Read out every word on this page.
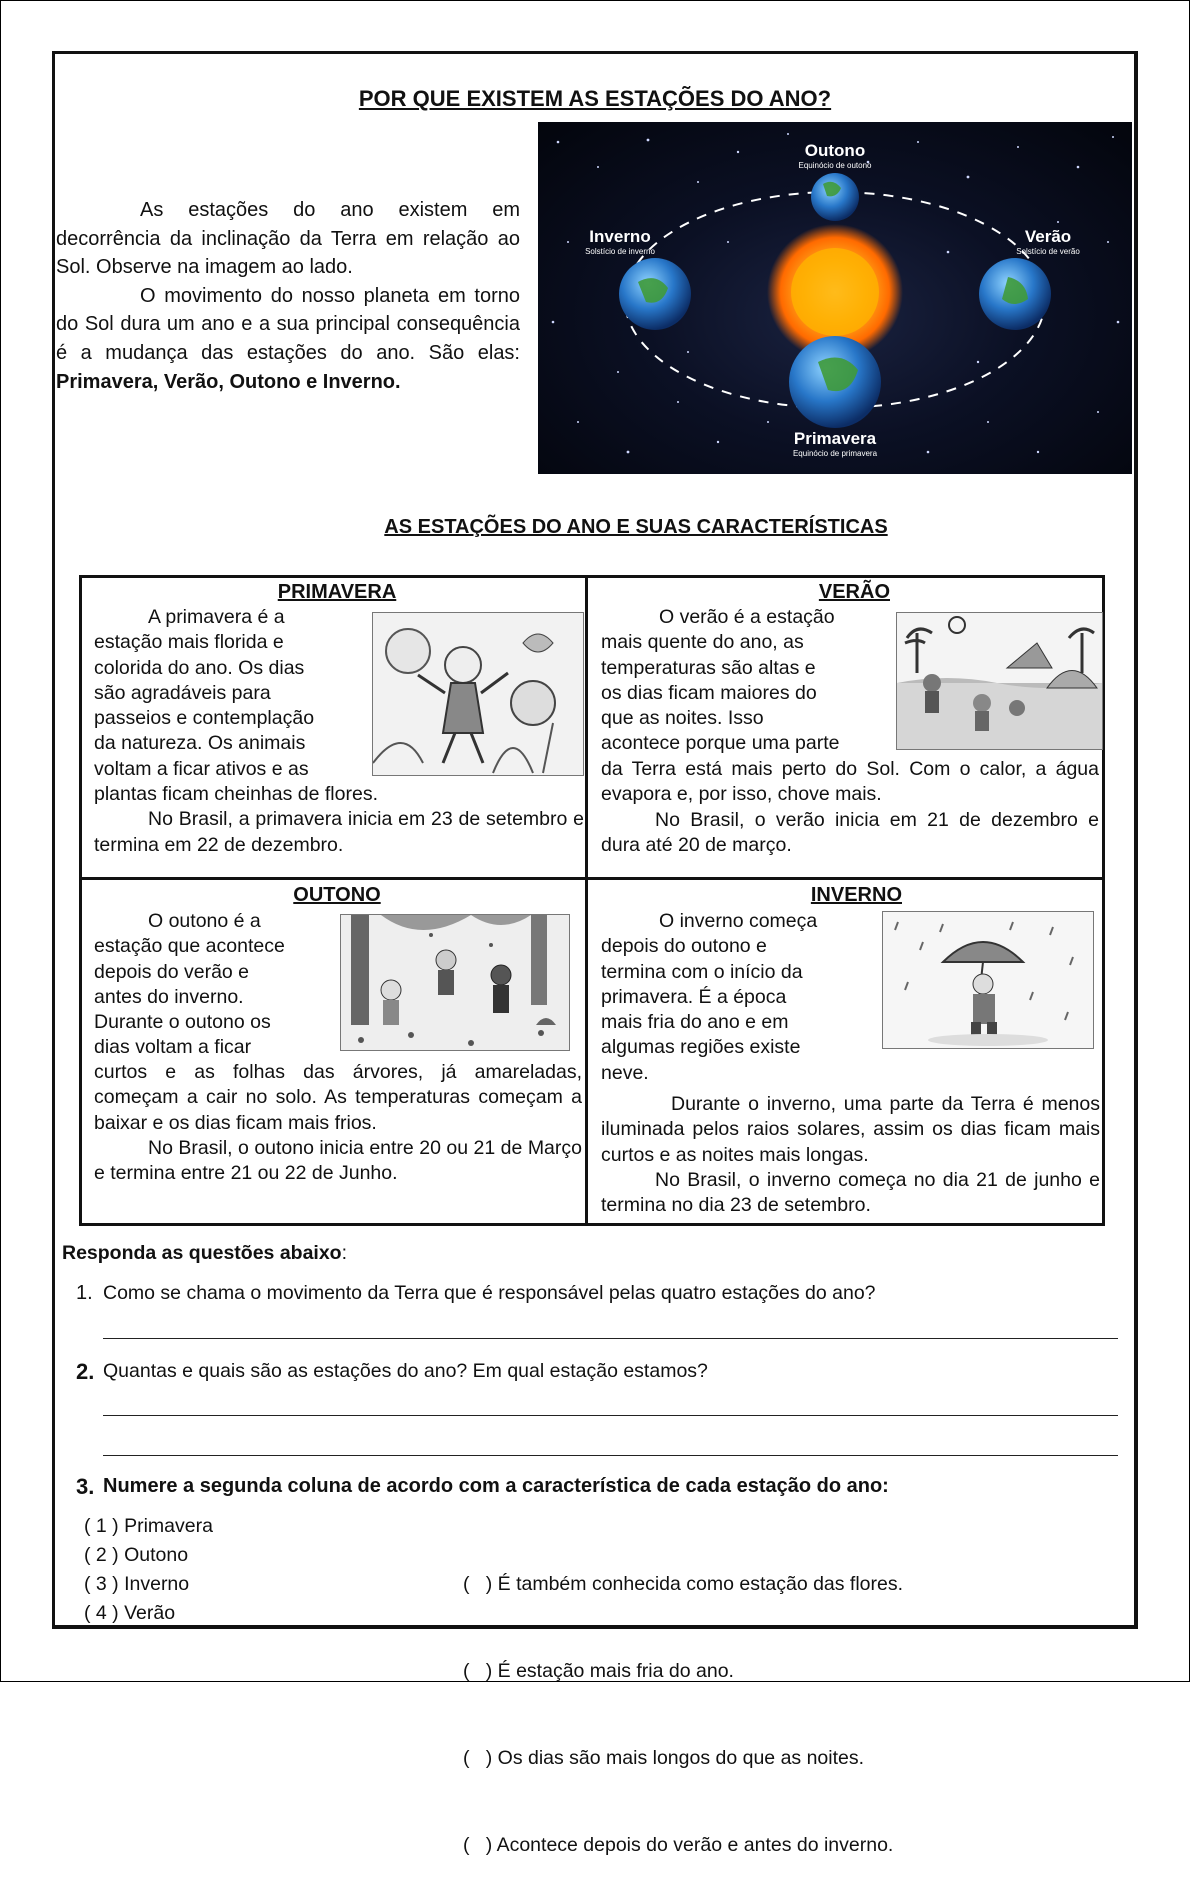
POR QUE EXISTEM AS ESTAÇÕES DO ANO?

As estações do ano existem em decorrência da inclinação da Terra em relação ao Sol. Observe na imagem ao lado.

O movimento do nosso planeta em torno do Sol dura um ano e a sua principal consequência é a mudança das estações do ano. São elas: Primavera, Verão, Outono e Inverno.

Outono
Equinócio de outono
Inverno
Solstício de inverno
Verão
Solstício de verão
Primavera
Equinócio de primavera
AS ESTAÇÕES DO ANO E SUAS CARACTERÍSTICAS
PRIMAVERA

A primavera é a

estação mais florida e

colorida do ano. Os dias

são agradáveis para

passeios e contemplação

da natureza. Os animais

voltam a ficar ativos e as

plantas ficam cheinhas de flores.

No Brasil, a primavera inicia em 23 de setembro e termina em 22 de dezembro.

VERÃO

O verão é a estação

mais quente do ano, as

temperaturas são altas e

os dias ficam maiores do

que as noites. Isso

acontece porque uma parte

da Terra está mais perto do Sol. Com o calor, a água evapora e, por isso, chove mais.

No Brasil, o verão inicia em 21 de dezembro e dura até 20 de março.

OUTONO

O outono é a

estação que acontece

depois do verão e

antes do inverno.

Durante o outono os

dias voltam a ficar

curtos e as folhas das árvores, já amareladas, começam a cair no solo. As temperaturas começam a baixar e os dias ficam mais frios.

No Brasil, o outono inicia entre 20 ou 21 de Março e termina entre 21 ou 22 de Junho.

INVERNO

O inverno começa

depois do outono e

termina com o início da

primavera. É a época

mais fria do ano e em

algumas regiões existe

neve.

Durante o inverno, uma parte da Terra é menos iluminada pelos raios solares, assim os dias ficam mais curtos e as noites mais longas.

No Brasil, o inverno começa no dia 21 de junho e termina no dia 23 de setembro.

Responda as questões abaixo:
1. Como se chama o movimento da Terra que é responsável pelas quatro estações do ano?
2. Quantas e quais são as estações do ano? Em qual estação estamos?
3. Numere a segunda coluna de acordo com a característica de cada estação do ano:
( 1 ) Primavera
( 2 ) Outono
( 3 ) Inverno
( 4 ) Verão

(   ) É também conhecida como estação das flores.

(   ) É estação mais fria do ano.

(   ) Os dias são mais longos do que as noites.

(   ) Acontece depois do verão e antes do inverno.
